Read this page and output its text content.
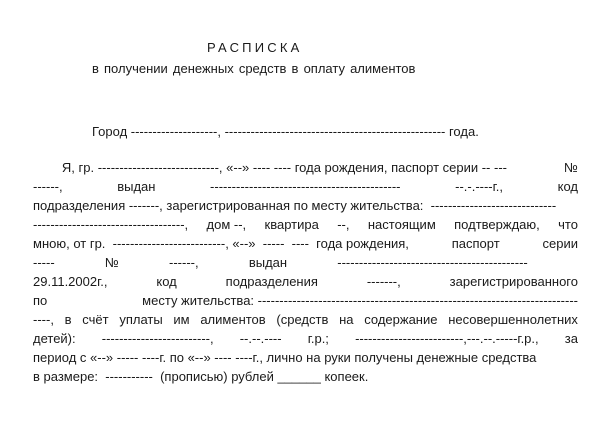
РАСПИСКА
в получении денежных средств в оплату алиментов
Город --------------------, --------------------------------------------------- года.
Я, гр. ----------------------------, «--» ---- ---- года рождения, паспорт серии -- ---	№
------,	выдан	--------------------------------------------	--.-.----г.,	код
подразделения -------, зарегистрированная по месту жительства:  -----------------------------
-----------------------------------, дом --, квартира --, настоящим подтверждаю, что
мною, от гр.  --------------------------, «--»  -----  ----  года рождения,	паспорт	серии
-----	№	------,	выдан	--------------------------------------------
29.11.2002г.,	код	подразделения	-------,	зарегистрированного
по	месту жительства: --------------------------------------------------------------------------
----, в счёт уплаты им алиментов (средств на содержание несовершеннолетних
детей): -------------------------, --.--.---- г.р.; -------------------------,---.--.-----г.р., за
период с «--» ----- ----г. по «--» ---- ----г., лично на руки получены денежные средства
в размере:  -----------  (прописью) рублей ______ копеек.
